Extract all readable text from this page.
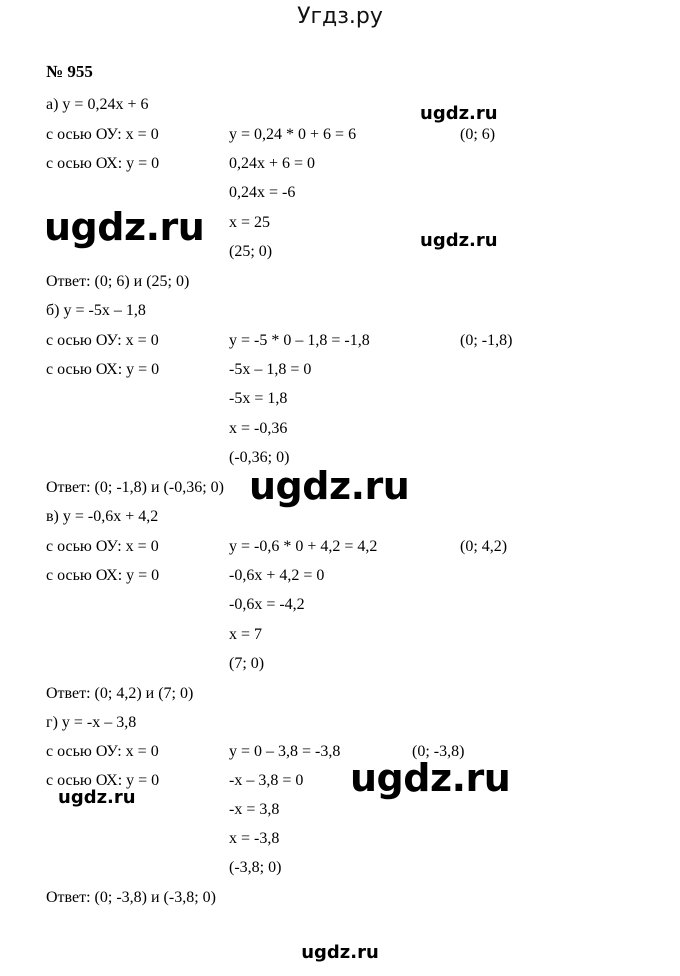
Угдз.ру
№ 955
а) y = 0,24x + 6
с осью ОУ: x = 0	y = 0,24 * 0 + 6 = 6	(0; 6)
с осью ОХ: y = 0	0,24x + 6 = 0
0,24x = -6
x = 25
(25; 0)
Ответ: (0; 6) и (25; 0)
б) y = -5x – 1,8
с осью ОУ: x = 0	y = -5 * 0 – 1,8 = -1,8	(0; -1,8)
с осью ОХ: y = 0	-5x – 1,8 = 0
-5x = 1,8
x = -0,36
(-0,36; 0)
Ответ: (0; -1,8) и (-0,36; 0)
в) y = -0,6x + 4,2
с осью ОУ: x = 0	y = -0,6 * 0 + 4,2 = 4,2	(0; 4,2)
с осью ОХ: y = 0	-0,6x + 4,2 = 0
-0,6x = -4,2
x = 7
(7; 0)
Ответ: (0; 4,2) и (7; 0)
г) y = -x – 3,8
с осью ОУ: x = 0	y = 0 – 3,8 = -3,8	(0; -3,8)
с осью ОХ: y = 0	-x – 3,8 = 0
-x = 3,8
x = -3,8
(-3,8; 0)
Ответ: (0; -3,8) и (-3,8; 0)
ugdz.ru
ugdz.ru	ugdz.ru
ugdz.ru
ugdz.ru
ugdz.ru
ugdz.ru
